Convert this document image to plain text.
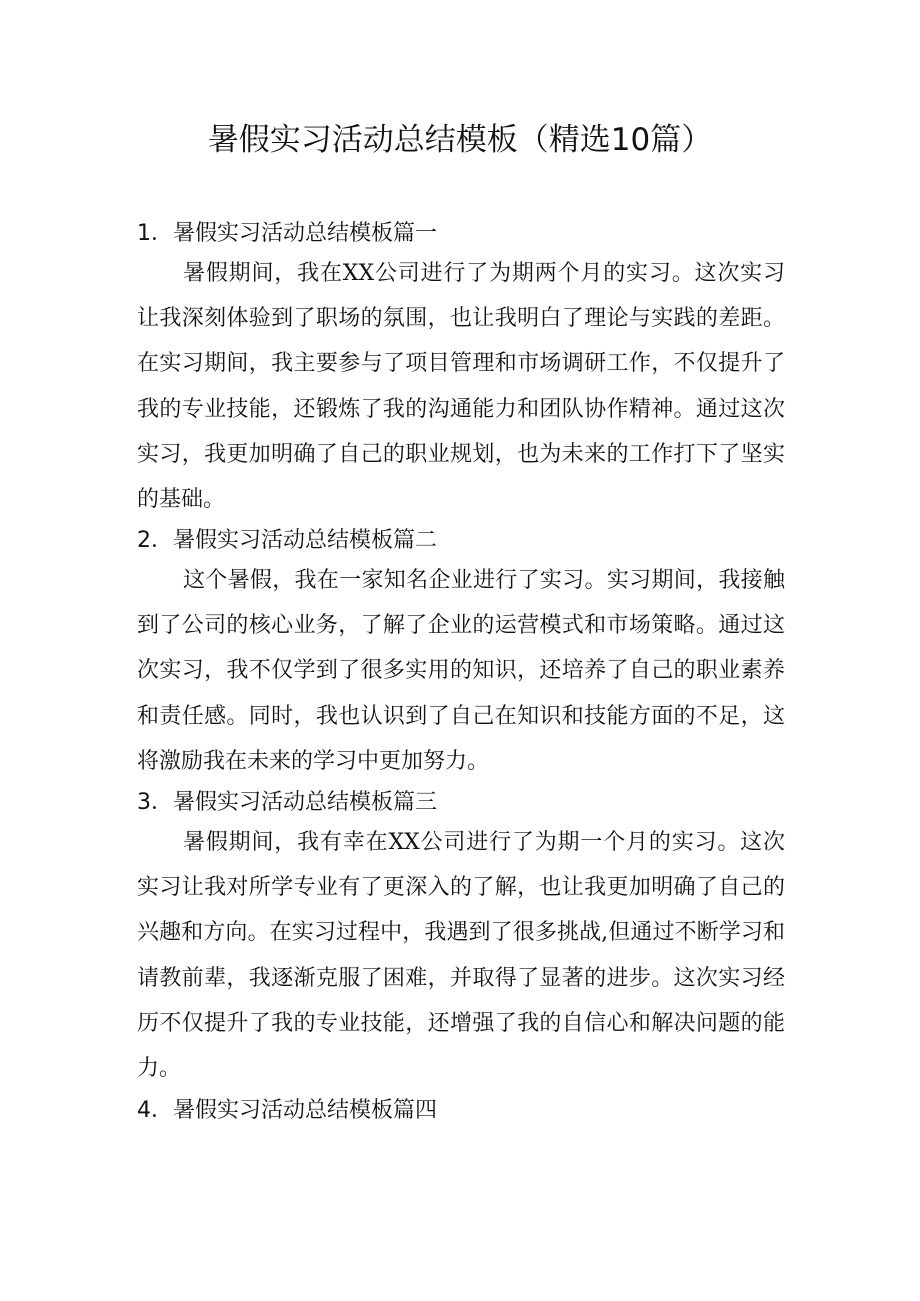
暑假实习活动总结模板（精选10篇）
1．暑假实习活动总结模板篇一

暑假期间，我在XX公司进行了为期两个月的实习。这次实习让我深刻体验到了职场的氛围，也让我明白了理论与实践的差距。在实习期间，我主要参与了项目管理和市场调研工作，不仅提升了我的专业技能，还锻炼了我的沟通能力和团队协作精神。通过这次实习，我更加明确了自己的职业规划，也为未来的工作打下了坚实的基础。

2．暑假实习活动总结模板篇二

这个暑假，我在一家知名企业进行了实习。实习期间，我接触到了公司的核心业务，了解了企业的运营模式和市场策略。通过这次实习，我不仅学到了很多实用的知识，还培养了自己的职业素养和责任感。同时，我也认识到了自己在知识和技能方面的不足，这将激励我在未来的学习中更加努力。

3．暑假实习活动总结模板篇三

暑假期间，我有幸在XX公司进行了为期一个月的实习。这次实习让我对所学专业有了更深入的了解，也让我更加明确了自己的兴趣和方向。在实习过程中，我遇到了很多挑战,但通过不断学习和请教前辈，我逐渐克服了困难，并取得了显著的进步。这次实习经历不仅提升了我的专业技能，还增强了我的自信心和解决问题的能力。

4．暑假实习活动总结模板篇四
